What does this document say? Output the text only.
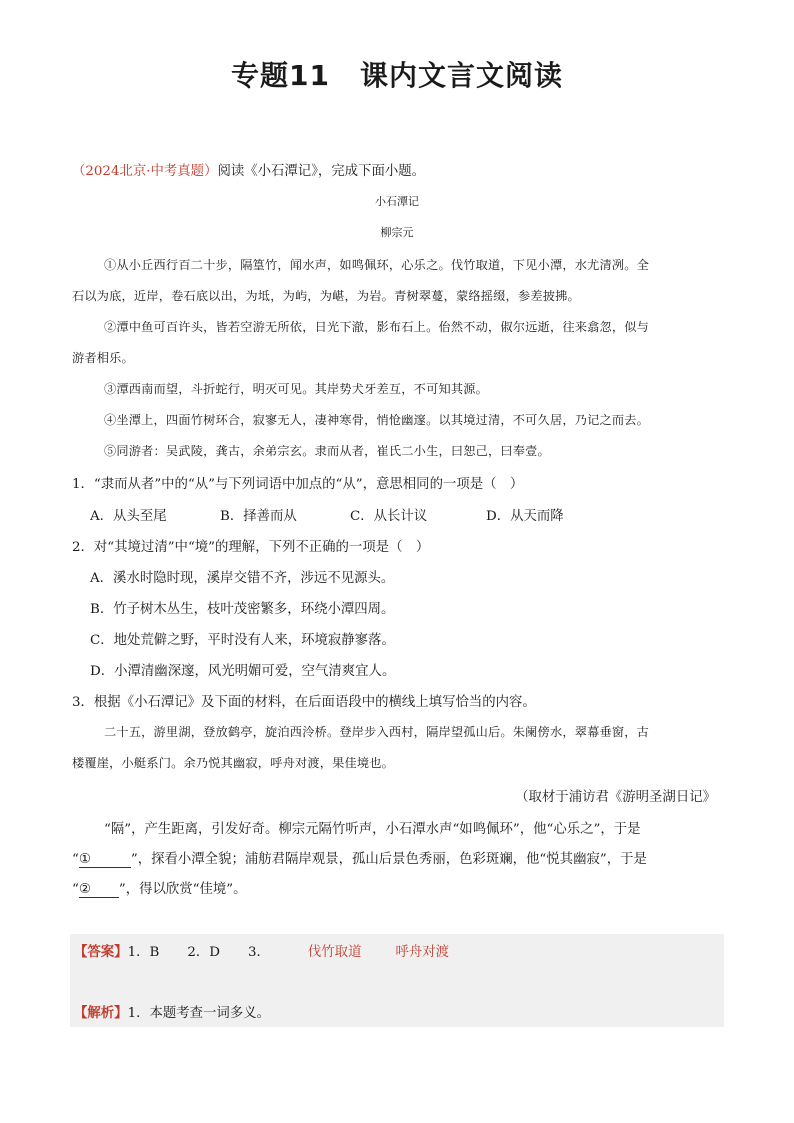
专题11 课内文言文阅读
（2024北京·中考真题）阅读《小石潭记》，完成下面小题。
小石潭记
柳宗元
①从小丘西行百二十步，隔篁竹，闻水声，如鸣佩环，心乐之。伐竹取道，下见小潭，水尤清冽。全
石以为底，近岸，卷石底以出，为坻，为屿，为嵁，为岩。青树翠蔓，蒙络摇缀，参差披拂。
②潭中鱼可百许头，皆若空游无所依，日光下澈，影布石上。佁然不动，俶尔远逝，往来翕忽，似与
游者相乐。
③潭西南而望，斗折蛇行，明灭可见。其岸势犬牙差互，不可知其源。
④坐潭上，四面竹树环合，寂寥无人，凄神寒骨，悄怆幽邃。以其境过清，不可久居，乃记之而去。
⑤同游者：吴武陵，龚古，余弟宗玄。隶而从者，崔氏二小生，曰恕己，曰奉壹。
1．“隶而从者”中的“从”与下列词语中加点的“从”，意思相同的一项是（　）
A．从头至尾	B．择善而从	C．从长计议	D．从天而降
2．对“其境过清”中“境”的理解，下列不正确的一项是（　）
A．溪水时隐时现，溪岸交错不齐，涉远不见源头。
B．竹子树木丛生，枝叶茂密繁多，环绕小潭四周。
C．地处荒僻之野，平时没有人来，环境寂静寥落。
D．小潭清幽深邃，风光明媚可爱，空气清爽宜人。
3．根据《小石潭记》及下面的材料，在后面语段中的横线上填写恰当的内容。
二十五，游里湖，登放鹤亭，旋泊西泠桥。登岸步入西村，隔岸望孤山后。朱阑傍水，翠幕垂窗，古
楼覆崖，小艇系门。余乃悦其幽寂，呼舟对渡，果佳境也。
（取材于浦访君《游明圣湖日记》
“隔”，产生距离，引发好奇。柳宗元隔竹听声，小石潭水声“如鸣佩环”，他“心乐之”，于是
“①	”，探看小潭全貌；浦舫君隔岸观景，孤山后景色秀丽，色彩斑斓，他“悦其幽寂”，于是
“② ”，得以欣赏“佳境”。
【答案】1．B 2．D 3．	伐竹取道	呼舟对渡
【解析】1．本题考查一词多义。
